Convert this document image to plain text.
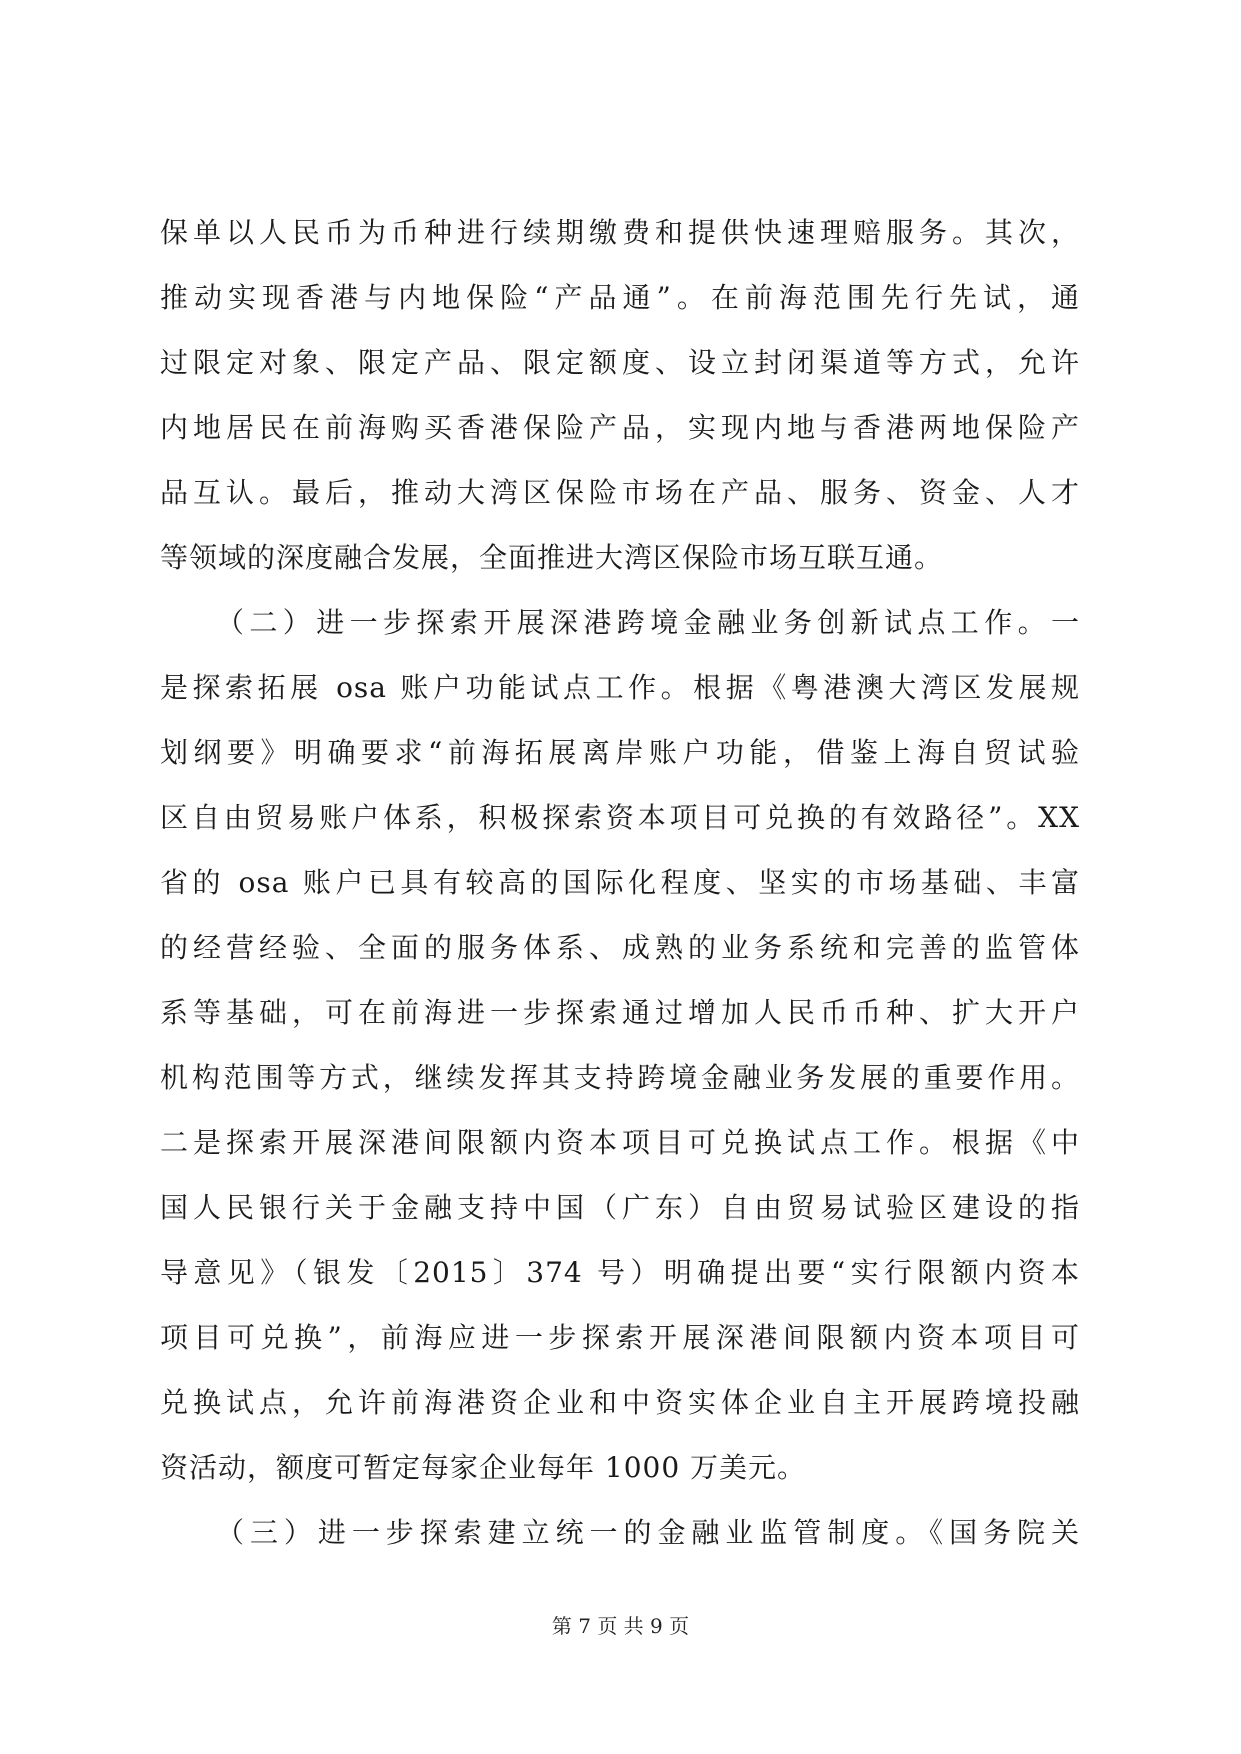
保单以人民币为币种进行续期缴费和提供快速理赔服务。其次，
推动实现香港与内地保险“产品通”。在前海范围先行先试，通
过限定对象、限定产品、限定额度、设立封闭渠道等方式，允许
内地居民在前海购买香港保险产品，实现内地与香港两地保险产
品互认。最后，推动大湾区保险市场在产品、服务、资金、人才
等领域的深度融合发展，全面推进大湾区保险市场互联互通。
（二）进一步探索开展深港跨境金融业务创新试点工作。一
是探索拓展 osa 账户功能试点工作。根据《粤港澳大湾区发展规
划纲要》明确要求“前海拓展离岸账户功能，借鉴上海自贸试验
区自由贸易账户体系，积极探索资本项目可兑换的有效路径”。XX
省的 osa 账户已具有较高的国际化程度、坚实的市场基础、丰富
的经营经验、全面的服务体系、成熟的业务系统和完善的监管体
系等基础，可在前海进一步探索通过增加人民币币种、扩大开户
机构范围等方式，继续发挥其支持跨境金融业务发展的重要作用。
二是探索开展深港间限额内资本项目可兑换试点工作。根据《中
国人民银行关于金融支持中国（广东）自由贸易试验区建设的指
导意见》（银发〔2015〕374 号）明确提出要“实行限额内资本
项目可兑换”，前海应进一步探索开展深港间限额内资本项目可
兑换试点，允许前海港资企业和中资实体企业自主开展跨境投融
资活动，额度可暂定每家企业每年 1000 万美元。
（三）进一步探索建立统一的金融业监管制度。《国务院关
第 7 页 共 9 页
